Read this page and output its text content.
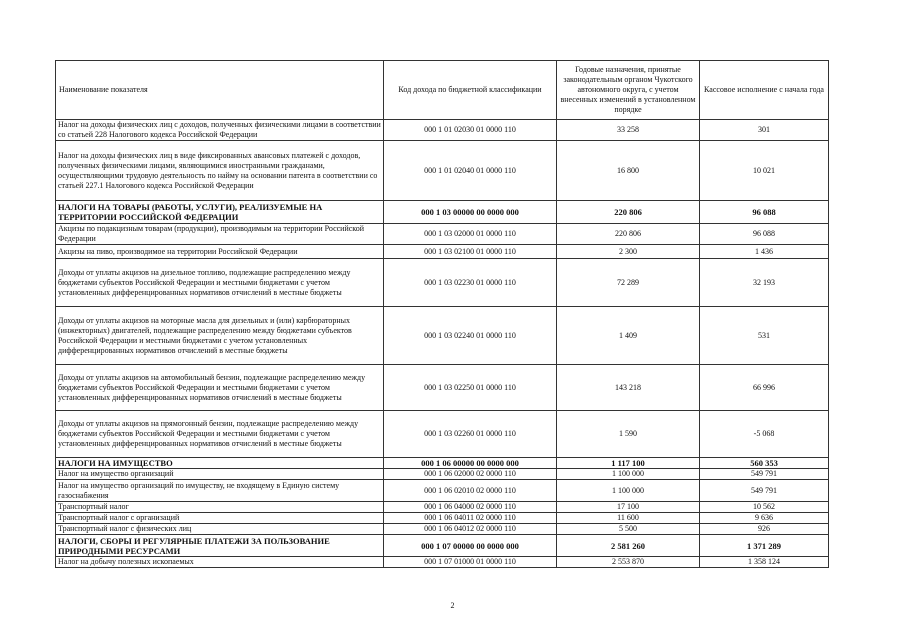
Наименование показателя	Код дохода по бюджетной классификации	Годовые назначения, принятые законодательным органом Чукотского автономного округа, с учетом внесенных изменений в установленном порядке	Кассовое исполнение с начала года
Налог на доходы физических лиц с доходов, полученных физическими лицами в соответствии со статьей 228 Налогового кодекса Российской Федерации	000 1 01 02030 01 0000 110	33 258	301
Налог на доходы физических лиц в виде фиксированных авансовых платежей с доходов, полученных физическими лицами, являющимися иностранными гражданами, осуществляющими трудовую деятельность по найму на основании патента в соответствии со статьей 227.1 Налогового кодекса Российской Федерации	000 1 01 02040 01 0000 110	16 800	10 021
НАЛОГИ НА ТОВАРЫ (РАБОТЫ, УСЛУГИ), РЕАЛИЗУЕМЫЕ НА ТЕРРИТОРИИ РОССИЙСКОЙ ФЕДЕРАЦИИ	000 1 03 00000 00 0000 000	220 806	96 088
Акцизы по подакцизным товарам (продукции), производимым на территории Российской Федерации	000 1 03 02000 01 0000 110	220 806	96 088
Акцизы на пиво, производимое на территории Российской Федерации	000 1 03 02100 01 0000 110	2 300	1 436
Доходы от уплаты акцизов на дизельное топливо, подлежащие распределению между бюджетами субъектов Российской Федерации и местными бюджетами с учетом установленных дифференцированных нормативов отчислений в местные бюджеты	000 1 03 02230 01 0000 110	72 289	32 193
Доходы от уплаты акцизов на моторные масла для дизельных и (или) карбюраторных (инжекторных) двигателей, подлежащие распределению между бюджетами субъектов Российской Федерации и местными бюджетами с учетом установленных дифференцированных нормативов отчислений в местные бюджеты	000 1 03 02240 01 0000 110	1 409	531
Доходы от уплаты акцизов на автомобильный бензин, подлежащие распределению между бюджетами субъектов Российской Федерации и местными бюджетами с учетом установленных дифференцированных нормативов отчислений в местные бюджеты	000 1 03 02250 01 0000 110	143 218	66 996
Доходы от уплаты акцизов на прямогонный бензин, подлежащие распределению между бюджетами субъектов Российской Федерации и местными бюджетами с учетом установленных дифференцированных нормативов отчислений в местные бюджеты	000 1 03 02260 01 0000 110	1 590	-5 068
НАЛОГИ НА ИМУЩЕСТВО	000 1 06 00000 00 0000 000	1 117 100	560 353
Налог на имущество организаций	000 1 06 02000 02 0000 110	1 100 000	549 791
Налог на имущество организаций по имуществу, не входящему в Единую систему газоснабжения	000 1 06 02010 02 0000 110	1 100 000	549 791
Транспортный налог	000 1 06 04000 02 0000 110	17 100	10 562
Транспортный налог с организаций	000 1 06 04011 02 0000 110	11 600	9 636
Транспортный налог с физических лиц	000 1 06 04012 02 0000 110	5 500	926
НАЛОГИ, СБОРЫ И РЕГУЛЯРНЫЕ ПЛАТЕЖИ ЗА ПОЛЬЗОВАНИЕ ПРИРОДНЫМИ РЕСУРСАМИ	000 1 07 00000 00 0000 000	2 581 260	1 371 289
Налог на добычу полезных ископаемых	000 1 07 01000 01 0000 110	2 553 870	1 358 124
2
